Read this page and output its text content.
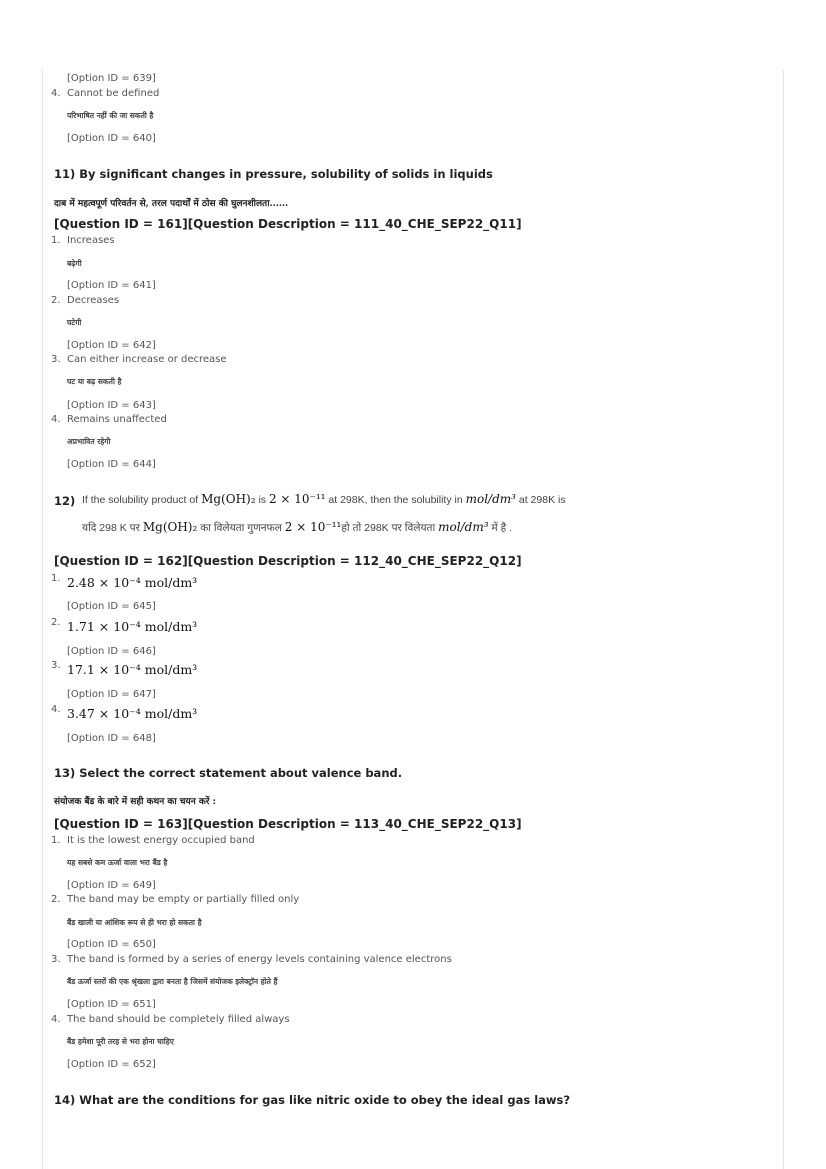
[Option ID = 639]
4. Cannot be defined
परिभाषित नहीं की जा सकती है
[Option ID = 640]
11) By significant changes in pressure, solubility of solids in liquids
दाब में महत्वपूर्ण परिवर्तन से, तरल पदार्थों में ठोस की घुलनशीलता......
[Question ID = 161][Question Description = 111_40_CHE_SEP22_Q11]
1. Increases
बढ़ेगी
[Option ID = 641]
2. Decreases
घटेगी
[Option ID = 642]
3. Can either increase or decrease
घट या बढ़ सकती है
[Option ID = 643]
4. Remains unaffected
अप्रभावित रहेगी
[Option ID = 644]
12) If the solubility product of Mg(OH)₂ is 2 × 10⁻¹¹ at 298K, then the solubility in mol/dm³ at 298K is
यदि 298 K पर Mg(OH)₂ का विलेयता गुणनफल 2 × 10⁻¹¹हो तो 298K पर विलेयता mol/dm³ में है .
[Question ID = 162][Question Description = 112_40_CHE_SEP22_Q12]
1. 2.48 × 10⁻⁴ mol/dm³
[Option ID = 645]
2. 1.71 × 10⁻⁴ mol/dm³
[Option ID = 646]
3. 17.1 × 10⁻⁴ mol/dm³
[Option ID = 647]
4. 3.47 × 10⁻⁴ mol/dm³
[Option ID = 648]
13) Select the correct statement about valence band.
संयोजक बैंड के बारे में सही कथन का चयन करें :
[Question ID = 163][Question Description = 113_40_CHE_SEP22_Q13]
1. It is the lowest energy occupied band
यह सबसे कम ऊर्जा वाला भरा बैंड है
[Option ID = 649]
2. The band may be empty or partially filled only
बैंड खाली या आंशिक रूप से ही भरा हो सकता है
[Option ID = 650]
3. The band is formed by a series of energy levels containing valence electrons
बैंड ऊर्जा स्तरों की एक श्रृंखला द्वारा बनता है जिसमें संयोजक इलेक्ट्रॉन होते हैं
[Option ID = 651]
4. The band should be completely filled always
बैंड हमेशा पूरी तरह से भरा होना चाहिए
[Option ID = 652]
14) What are the conditions for gas like nitric oxide to obey the ideal gas laws?
